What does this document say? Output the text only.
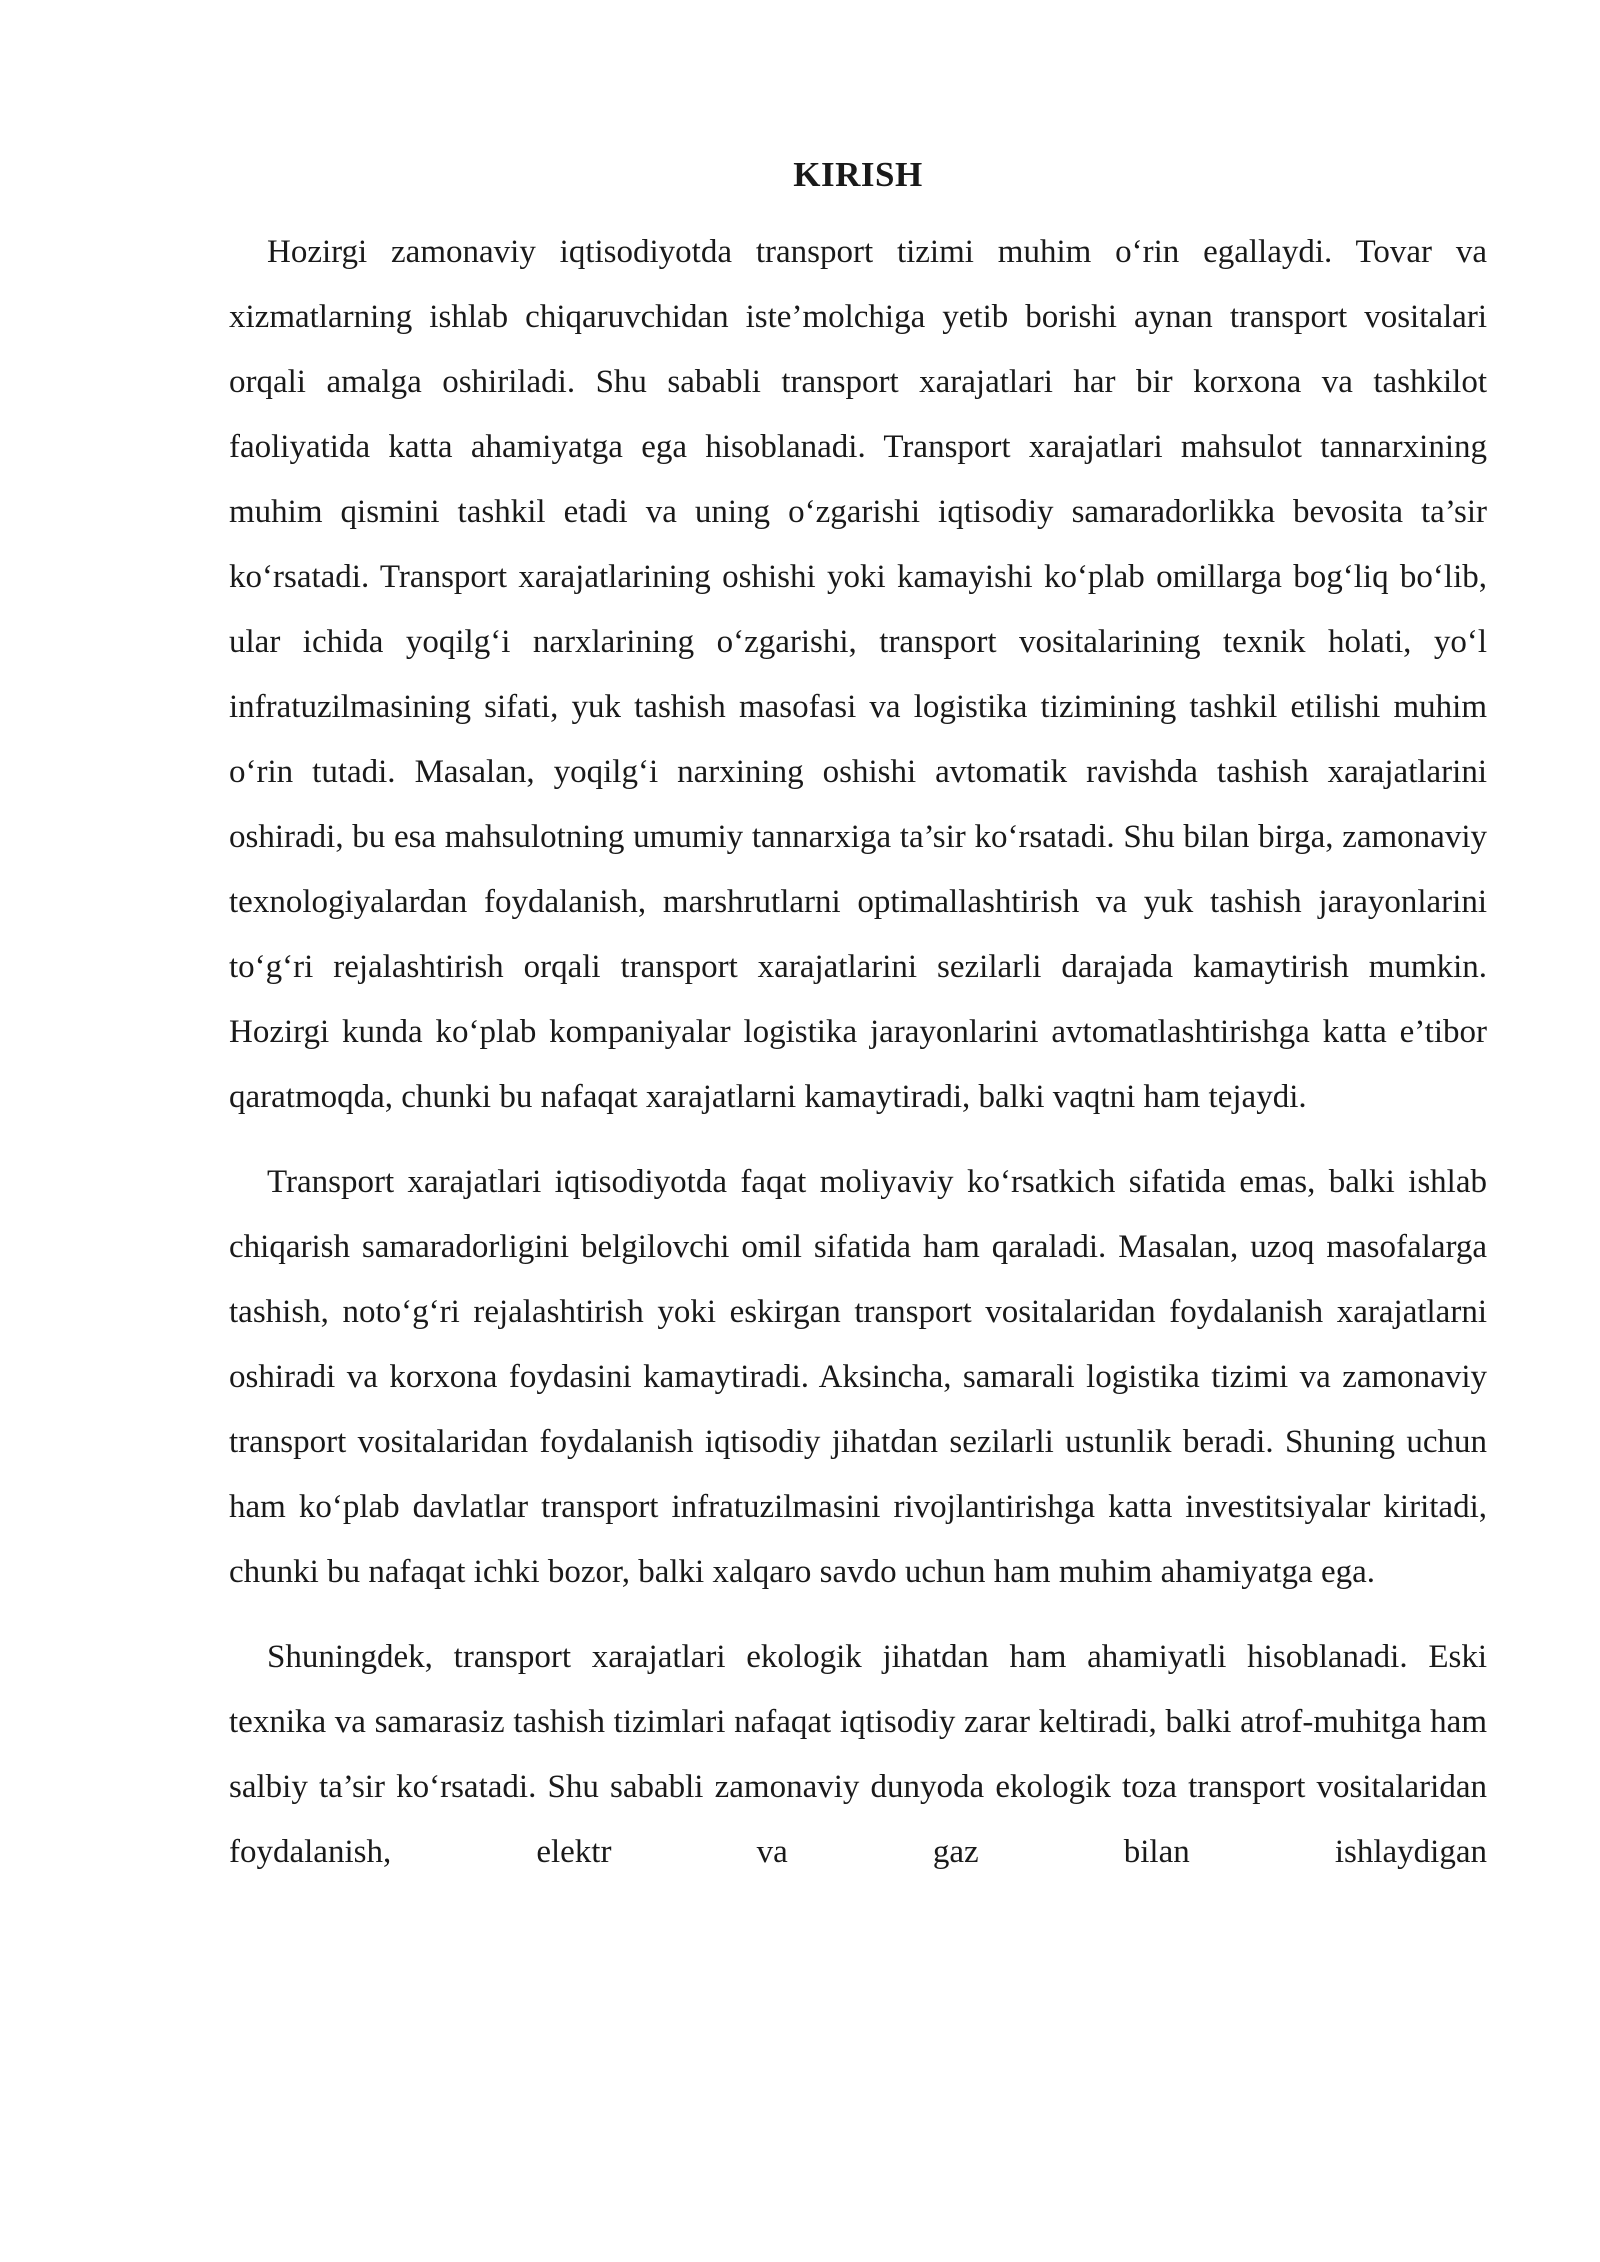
KIRISH

Hozirgi zamonaviy iqtisodiyotda transport tizimi muhim o‘rin egallaydi. Tovar va xizmatlarning ishlab chiqaruvchidan iste’molchiga yetib borishi aynan transport vositalari orqali amalga oshiriladi. Shu sababli transport xarajatlari har bir korxona va tashkilot faoliyatida katta ahamiyatga ega hisoblanadi. Transport xarajatlari mahsulot tannarxining muhim qismini tashkil etadi va uning o‘zgarishi iqtisodiy samaradorlikka bevosita ta’sir ko‘rsatadi. Transport xarajatlarining oshishi yoki kamayishi ko‘plab omillarga bog‘liq bo‘lib, ular ichida yoqilg‘i narxlarining o‘zgarishi, transport vositalarining texnik holati, yo‘l infratuzilmasining sifati, yuk tashish masofasi va logistika tizimining tashkil etilishi muhim o‘rin tutadi. Masalan, yoqilg‘i narxining oshishi avtomatik ravishda tashish xarajatlarini oshiradi, bu esa mahsulotning umumiy tannarxiga ta’sir ko‘rsatadi. Shu bilan birga, zamonaviy texnologiyalardan foydalanish, marshrutlarni optimallashtirish va yuk tashish jarayonlarini to‘g‘ri rejalashtirish orqali transport xarajatlarini sezilarli darajada kamaytirish mumkin. Hozirgi kunda ko‘plab kompaniyalar logistika jarayonlarini avtomatlashtirishga katta e’tibor qaratmoqda, chunki bu nafaqat xarajatlarni kamaytiradi, balki vaqtni ham tejaydi.

Transport xarajatlari iqtisodiyotda faqat moliyaviy ko‘rsatkich sifatida emas, balki ishlab chiqarish samaradorligini belgilovchi omil sifatida ham qaraladi. Masalan, uzoq masofalarga tashish, noto‘g‘ri rejalashtirish yoki eskirgan transport vositalaridan foydalanish xarajatlarni oshiradi va korxona foydasini kamaytiradi. Aksincha, samarali logistika tizimi va zamonaviy transport vositalaridan foydalanish iqtisodiy jihatdan sezilarli ustunlik beradi. Shuning uchun ham ko‘plab davlatlar transport infratuzilmasini rivojlantirishga katta investitsiyalar kiritadi, chunki bu nafaqat ichki bozor, balki xalqaro savdo uchun ham muhim ahamiyatga ega.

Shuningdek, transport xarajatlari ekologik jihatdan ham ahamiyatli hisoblanadi. Eski texnika va samarasiz tashish tizimlari nafaqat iqtisodiy zarar keltiradi, balki atrof-muhitga ham salbiy ta’sir ko‘rsatadi. Shu sababli zamonaviy dunyoda ekologik toza transport vositalaridan foydalanish, elektr va gaz bilan ishlaydigan
